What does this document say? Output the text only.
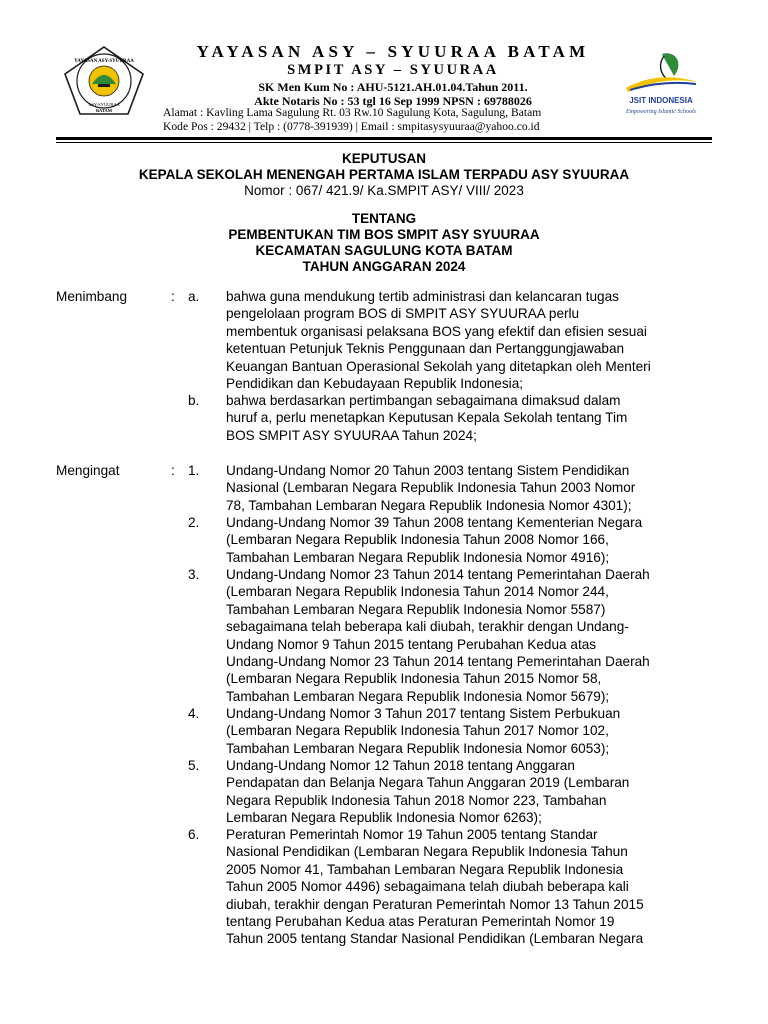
YAYASAN ASY-SYUURAA
ASY-SYUURAA
BATAM
YAYASAN ASY – SYUURAA BATAM
SMPIT ASY – SYUURAA
SK Men Kum No : AHU-5121.AH.01.04.Tahun 2011.
Akte Notaris No : 53 tgl 16 Sep 1999 NPSN : 69788026
Alamat : Kavling Lama Sagulung Rt. 03 Rw.10 Sagulung Kota, Sagulung, Batam
Kode Pos : 29432 | Telp : (0778-391939) | Email : smpitasysyuuraa@yahoo.co.id
JSIT INDONESIA
Empowering Islamic Schools
KEPUTUSAN
KEPALA SEKOLAH MENENGAH PERTAMA ISLAM TERPADU ASY SYUURAA
Nomor : 067/ 421.9/ Ka.SMPIT ASY/ VIII/ 2023
TENTANG
PEMBENTUKAN TIM BOS SMPIT ASY SYUURAA
KECAMATAN SAGULUNG KOTA BATAM
TAHUN ANGGARAN 2024
Menimbang	: a.	bahwa guna mendukung tertib administrasi dan kelancaran tugas
pengelolaan program BOS di SMPIT ASY SYUURAA perlu
membentuk organisasi pelaksana BOS yang efektif dan efisien sesuai
ketentuan Petunjuk Teknis Penggunaan dan Pertanggungjawaban
Keuangan Bantuan Operasional Sekolah yang ditetapkan oleh Menteri
Pendidikan dan Kebudayaan Republik Indonesia;
b.	bahwa berdasarkan pertimbangan sebagaimana dimaksud dalam
huruf a, perlu menetapkan Keputusan Kepala Sekolah tentang Tim
BOS SMPIT ASY SYUURAA Tahun 2024;
Mengingat	: 1.	Undang-Undang Nomor 20 Tahun 2003 tentang Sistem Pendidikan
Nasional (Lembaran Negara Republik Indonesia Tahun 2003 Nomor
78, Tambahan Lembaran Negara Republik Indonesia Nomor 4301);
2.	Undang-Undang Nomor 39 Tahun 2008 tentang Kementerian Negara
(Lembaran Negara Republik Indonesia Tahun 2008 Nomor 166,
Tambahan Lembaran Negara Republik Indonesia Nomor 4916);
3.	Undang-Undang Nomor 23 Tahun 2014 tentang Pemerintahan Daerah
(Lembaran Negara Republik Indonesia Tahun 2014 Nomor 244,
Tambahan Lembaran Negara Republik Indonesia Nomor 5587)
sebagaimana telah beberapa kali diubah, terakhir dengan Undang-
Undang Nomor 9 Tahun 2015 tentang Perubahan Kedua atas
Undang-Undang Nomor 23 Tahun 2014 tentang Pemerintahan Daerah
(Lembaran Negara Republik Indonesia Tahun 2015 Nomor 58,
Tambahan Lembaran Negara Republik Indonesia Nomor 5679);
4.	Undang-Undang Nomor 3 Tahun 2017 tentang Sistem Perbukuan
(Lembaran Negara Republik Indonesia Tahun 2017 Nomor 102,
Tambahan Lembaran Negara Republik Indonesia Nomor 6053);
5.	Undang-Undang Nomor 12 Tahun 2018 tentang Anggaran
Pendapatan dan Belanja Negara Tahun Anggaran 2019 (Lembaran
Negara Republik Indonesia Tahun 2018 Nomor 223, Tambahan
Lembaran Negara Republik Indonesia Nomor 6263);
6.	Peraturan Pemerintah Nomor 19 Tahun 2005 tentang Standar
Nasional Pendidikan (Lembaran Negara Republik Indonesia Tahun
2005 Nomor 41, Tambahan Lembaran Negara Republik Indonesia
Tahun 2005 Nomor 4496) sebagaimana telah diubah beberapa kali
diubah, terakhir dengan Peraturan Pemerintah Nomor 13 Tahun 2015
tentang Perubahan Kedua atas Peraturan Pemerintah Nomor 19
Tahun 2005 tentang Standar Nasional Pendidikan (Lembaran Negara
